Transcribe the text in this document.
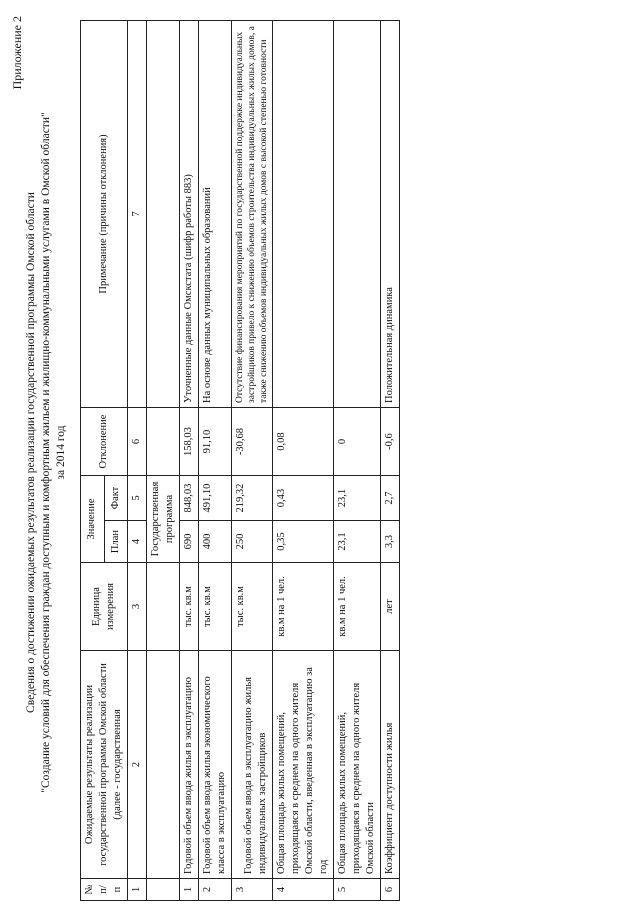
Приложение 2
Сведения о достижении ожидаемых результатов реализации государственной программы Омской области "Создание условий для обеспечения граждан доступным и комфортным жильем и жилищно-коммунальными услугами в Омской области" за 2014 год
№ п/п	Ожидаемые результаты реализации государственной программы Омской области (далее - государственная	Единица измерения	Значение		Отклонение	Примечание (причины отклонения)
			План	Факт		
1	2	3	4	5	6	7
			Государственная программа			
1	Годовой объем ввода жилья в эксплуатацию	тыс. кв.м	690	848,03	158,03	Уточненные данные Омскстата (шифр работы 883)
2	Годовой объем ввода жилья экономического класса в эксплуатацию	тыс. кв.м	400	491,10	91,10	На основе данных муниципальных образований
3	Годовой объем ввода в эксплуатацию жилья индивидуальных застройщиков	тыс. кв.м	250	219,32	-30,68	Отсутствие финансирования мероприятий по государственной поддержке индивидуальных застройщиков привело к снижению объемов строительства индивидуальных жилых домов, а также снижению объемов индивидуальных жилых домов с высокой степенью готовности
4	Общая площадь жилых помещений, приходящаяся в среднем на одного жителя Омской области, введенная в эксплуатацию за год	кв.м на 1 чел.	0,35	0,43	0,08	
5	Общая площадь жилых помещений, приходящаяся в среднем на одного жителя Омской области	кв.м на 1 чел.	23,1	23,1	0	
6	Коэффициент доступности жилья	лет	3,3	2,7	-0,6	Положительная динамика
